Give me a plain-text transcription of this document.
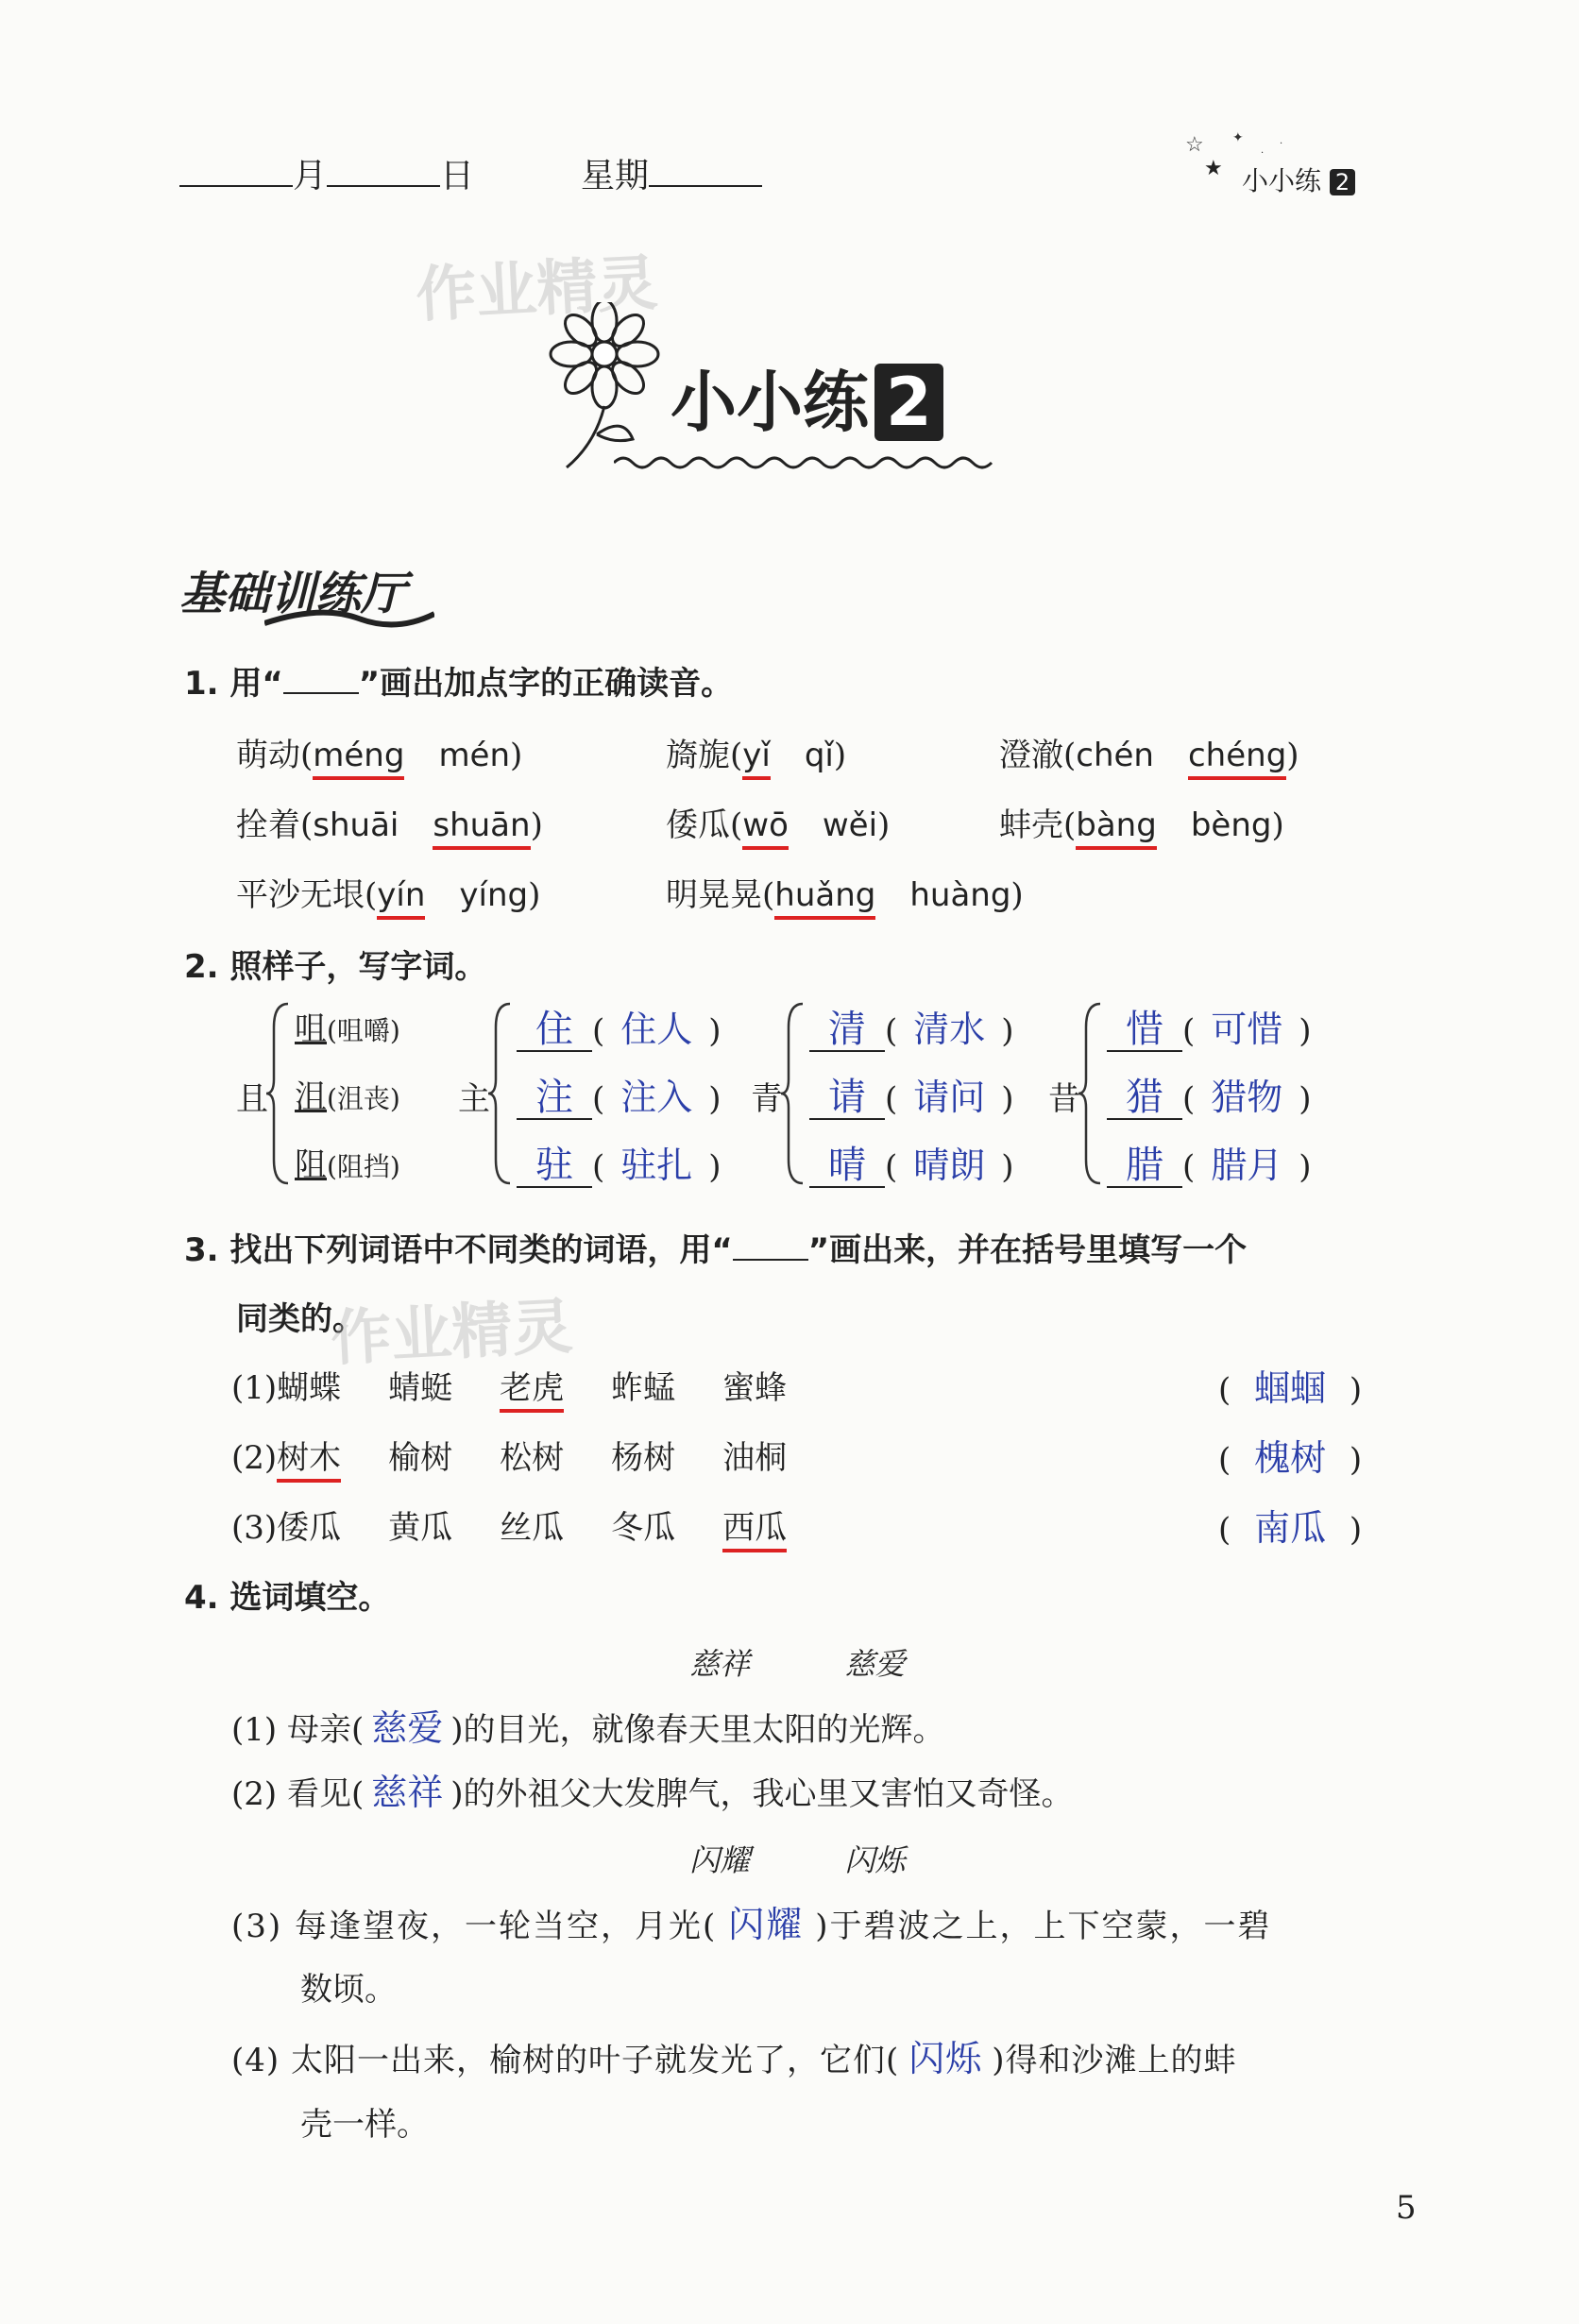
月	日	星期
☆ ✦
★
·
·
小小练 2
作业精灵
小小练 2
基础训练厅
1. 用“ ”画出加点字的正确读音。
萌动(méng mén)	旖旎(yǐ qǐ)	澄澈(chén chéng)
拴着(shuāi shuān)	倭瓜(wō wěi)	蚌壳(bàng bèng)
平沙无垠(yín yíng)	明晃晃(huǎng huàng)
2. 照样子，写字词。
且
咀(咀嚼)
沮(沮丧)
阻(阻挡)
主
住 ( 住人 )
注 ( 注入 )
驻 ( 驻扎 )
青
清 ( 清水 )
请 ( 请问 )
晴 ( 晴朗 )
昔
惜 ( 可惜 )
猎 ( 猎物 )
腊 ( 腊月 )
3. 找出下列词语中不同类的词语，用“ ”画出来，并在括号里填写一个
同类的。
作业精灵
(1)蝴蝶 蜻蜓 老虎 蚱蜢 蜜蜂	( 蝈蝈 )
(2)树木 榆树 松树 杨树 油桐	( 槐树 )
(3)倭瓜 黄瓜 丝瓜 冬瓜 西瓜	( 南瓜 )
4. 选词填空。
慈祥	慈爱
(1) 母亲( 慈爱 )的目光，就像春天里太阳的光辉。
(2) 看见( 慈祥 )的外祖父大发脾气，我心里又害怕又奇怪。
闪耀	闪烁
(3) 每逢望夜，一轮当空，月光( 闪耀 )于碧波之上，上下空蒙，一碧
数顷。
(4) 太阳一出来，榆树的叶子就发光了，它们( 闪烁 )得和沙滩上的蚌
壳一样。
5
